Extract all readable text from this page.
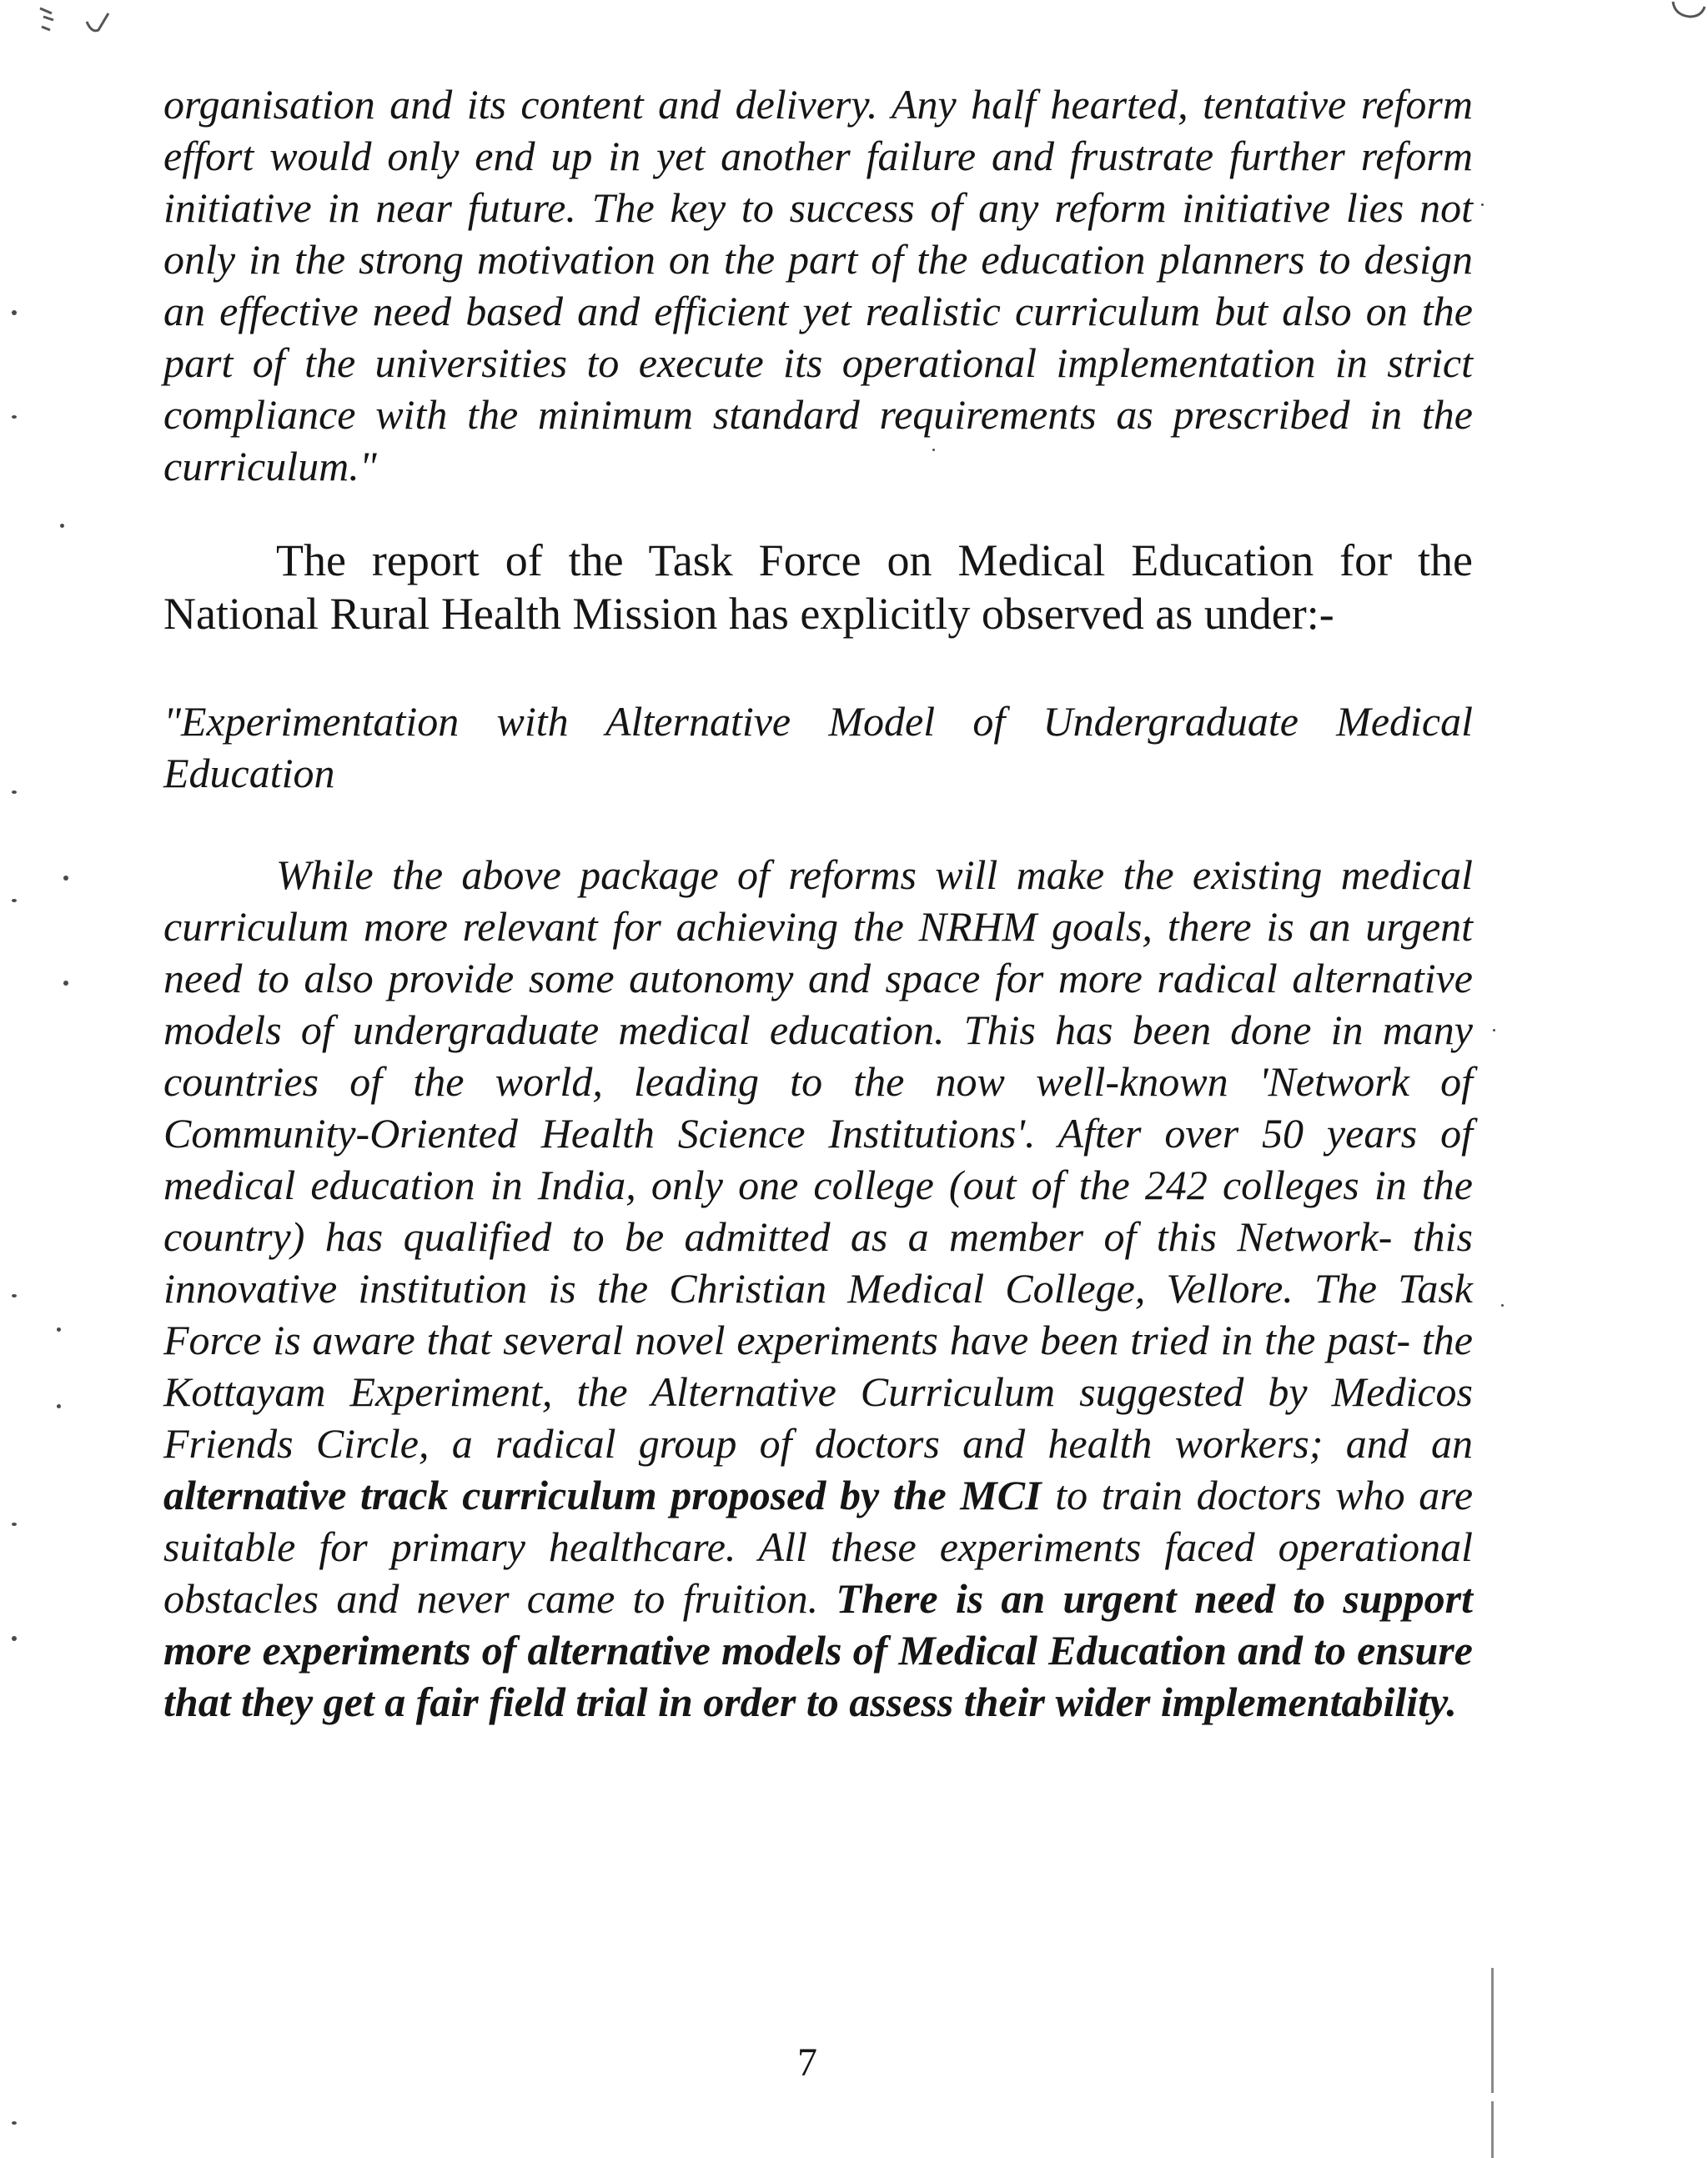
organisation and its content and delivery. Any half hearted, tentative reform effort would only end up in yet another failure and frustrate further reform initiative in near future. The key to success of any reform initiative lies not only in the strong motivation on the part of the education planners to design an effective need based and efficient yet realistic curriculum but also on the part of the universities to execute its operational implementation in strict compliance with the minimum standard requirements as prescribed in the curriculum."

The report of the Task Force on Medical Education for the National Rural Health Mission has explicitly observed as under:-

"Experimentation with Alternative Model of Undergraduate Medical Education

While the above package of reforms will make the existing medical curriculum more relevant for achieving the NRHM goals, there is an urgent need to also provide some autonomy and space for more radical alternative models of undergraduate medical education. This has been done in many countries of the world, leading to the now well-known 'Network of Community-Oriented Health Science Institutions'. After over 50 years of medical education in India, only one college (out of the 242 colleges in the country) has qualified to be admitted as a member of this Network- this innovative institution is the Christian Medical College, Vellore. The Task Force is aware that several novel experiments have been tried in the past- the Kottayam Experiment, the Alternative Curriculum suggested by Medicos Friends Circle, a radical group of doctors and health workers; and an alternative track curriculum proposed by the MCI to train doctors who are suitable for primary healthcare. All these experiments faced operational obstacles and never came to fruition. There is an urgent need to support more experiments of alternative models of Medical Education and to ensure that they get a fair field trial in order to assess their wider implementability.

7
